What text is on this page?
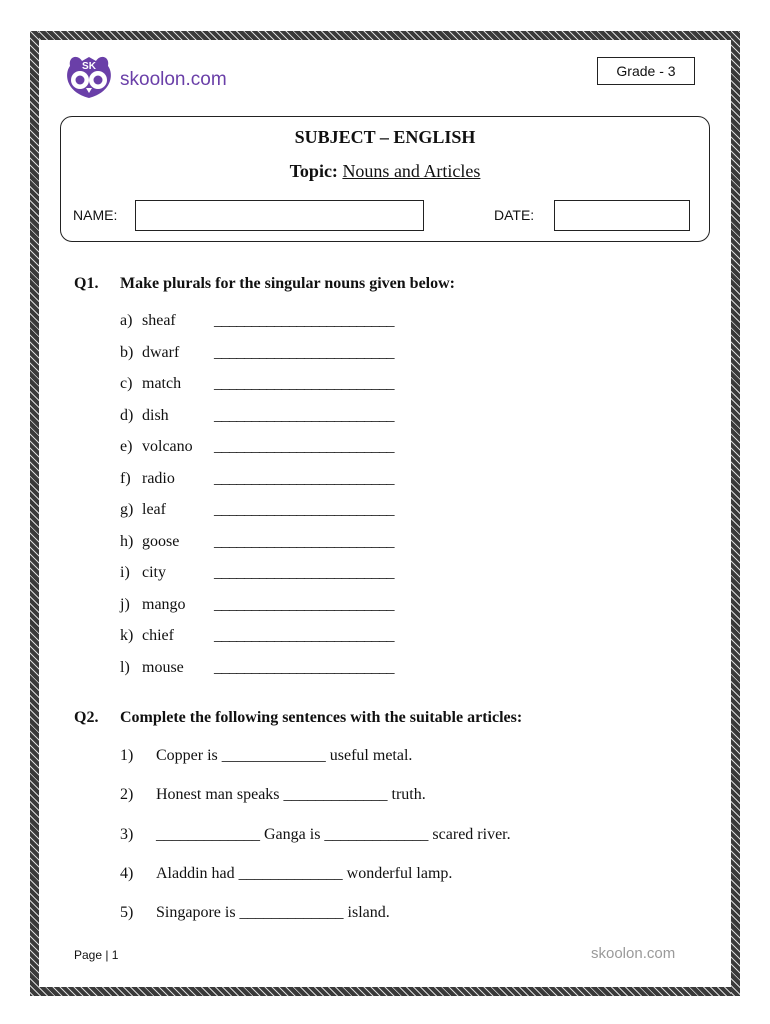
SK
skoolon.com	Grade - 3
SUBJECT – ENGLISH
Topic: Nouns and Articles
NAME:	DATE:
Q1. Make plurals for the singular nouns given below:
a) sheaf ________________________
b) dwarf ________________________
c) match ________________________
d) dish	________________________
e) volcano ________________________
f) radio ________________________
g) leaf	________________________
h) goose ________________________
i) city	________________________
j) mango ________________________
k) chief	________________________
l) mouse ________________________
Q2. Complete the following sentences with the suitable articles:
1) Copper is _____________ useful metal.
2) Honest man speaks _____________ truth.
3) _____________ Ganga is _____________ scared river.
4) Aladdin had _____________ wonderful lamp.
5) Singapore is _____________ island.
Page | 1	skoolon.com
